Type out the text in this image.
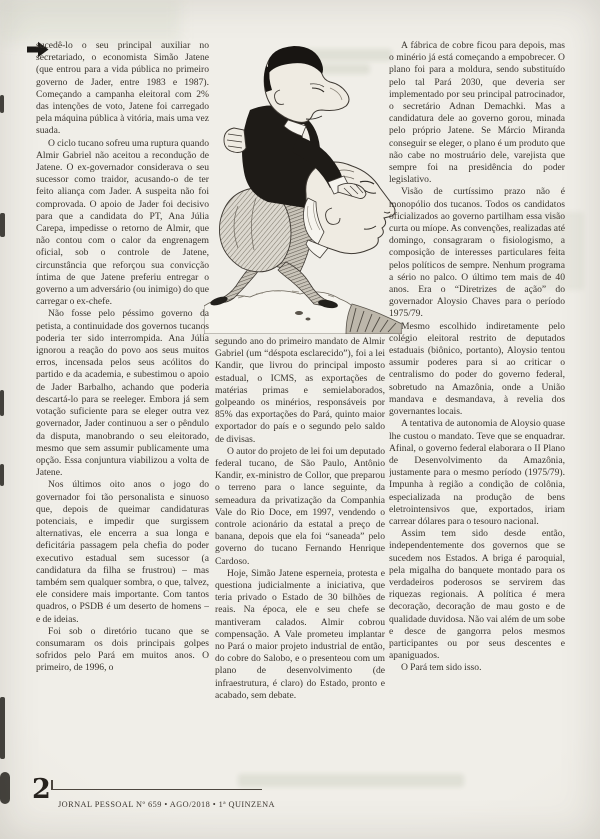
sucedê-lo o seu principal auxiliar no secretariado, o economista Simão Jatene (que entrou para a vida pública no primeiro governo de Jader, entre 1983 e 1987). Começando a campanha eleitoral com 2% das intenções de voto, Jatene foi carregado pela máquina pública à vitória, mais uma vez suada.

O ciclo tucano sofreu uma ruptura quando Almir Gabriel não aceitou a recondução de Jatene. O ex-governador considerava o seu sucessor como traidor, acusando-o de ter feito aliança com Jader. A suspeita não foi comprovada. O apoio de Jader foi decisivo para que a candidata do PT, Ana Júlia Carepa, impedisse o retorno de Almir, que não contou com o calor da engrenagem oficial, sob o controle de Jatene, circunstância que reforçou sua convicção íntima de que Jatene preferiu entregar o governo a um adversário (ou inimigo) do que carregar o ex-chefe.

Não fosse pelo péssimo governo da petista, a continuidade dos governos tucanos poderia ter sido interrompida. Ana Júlia ignorou a reação do povo aos seus muitos erros, incensada pelos seus acólitos do partido e da academia, e subestimou o apoio de Jader Barbalho, achando que poderia descartá-lo para se reeleger. Embora já sem votação suficiente para se eleger outra vez governador, Jader continuou a ser o pêndulo da disputa, manobrando o seu eleitorado, mesmo que sem assumir publicamente uma opção. Essa conjuntura viabilizou a volta de Jatene.

Nos últimos oito anos o jogo do governador foi tão personalista e sinuoso que, depois de queimar candidaturas potenciais, e impedir que surgissem alternativas, ele encerra a sua longa e deficitária passagem pela chefia do poder executivo estadual sem sucessor (a candidatura da filha se frustrou) – mas também sem qualquer sombra, o que, talvez, ele considere mais importante. Com tantos quadros, o PSDB é um deserto de homens – e de ideias.

Foi sob o diretório tucano que se consumaram os dois principais golpes sofridos pelo Pará em muitos anos. O primeiro, de 1996, o

segundo ano do primeiro mandato de Almir Gabriel (um “déspota esclarecido”), foi a lei Kandir, que livrou do principal imposto estadual, o ICMS, as exportações de matérias primas e semielaborados, golpeando os minérios, responsáveis por 85% das exportações do Pará, quinto maior exportador do país e o segundo pelo saldo de divisas.

O autor do projeto de lei foi um deputado federal tucano, de São Paulo, Antônio Kandir, ex-ministro de Collor, que preparou o terreno para o lance seguinte, da semeadura da privatização da Companhia Vale do Rio Doce, em 1997, vendendo o controle acionário da estatal a preço de banana, depois que ela foi “saneada” pelo governo do tucano Fernando Henrique Cardoso.

Hoje, Simão Jatene esperneia, protesta e questiona judicialmente a iniciativa, que teria privado o Estado de 30 bilhões de reais. Na época, ele e seu chefe se mantiveram calados. Almir cobrou compensação. A Vale prometeu implantar no Pará o maior projeto industrial de então, do cobre do Salobo, e o presenteou com um plano de desenvolvimento (de infraestrutura, é claro) do Estado, pronto e acabado, sem debate.

A fábrica de cobre ficou para depois, mas o minério já está começando a empobrecer. O plano foi para a moldura, sendo substituído pelo tal Pará 2030, que deveria ser implementado por seu principal patrocinador, o secretário Adnan Demachki. Mas a candidatura dele ao governo gorou, minada pelo próprio Jatene. Se Márcio Miranda conseguir se eleger, o plano é um produto que não cabe no mostruário dele, varejista que sempre foi na presidência do poder legislativo.

Visão de curtíssimo prazo não é monopólio dos tucanos. Todos os candidatos oficializados ao governo partilham essa visão curta ou míope. As convenções, realizadas até domingo, consagraram o fisiologismo, a composição de interesses particulares feita pelos políticos de sempre. Nenhum programa a sério no palco. O último tem mais de 40 anos. Era o “Diretrizes de ação” do governador Aloysio Chaves para o período 1975/79.

Mesmo escolhido indiretamente pelo colégio eleitoral restrito de deputados estaduais (biônico, portanto), Aloysio tentou assumir poderes para si ao criticar o centralismo do poder do governo federal, sobretudo na Amazônia, onde a União mandava e desmandava, à revelia dos governantes locais.

A tentativa de autonomia de Aloysio quase lhe custou o mandato. Teve que se enquadrar. Afinal, o governo federal elaborara o II Plano de Desenvolvimento da Amazônia, justamente para o mesmo período (1975/79). Impunha à região a condição de colônia, especializada na produção de bens eletrointensivos que, exportados, iriam carrear dólares para o tesouro nacional.

Assim tem sido desde então, independentemente dos governos que se sucedem nos Estados. A briga é paroquial, pela migalha do banquete montado para os verdadeiros poderosos se servirem das riquezas regionais. A política é mera decoração, decoração de mau gosto e de qualidade duvidosa. Não vai além de um sobe e desce de gangorra pelos mesmos participantes ou por seus descentes e apaniguados.

O Pará tem sido isso.

2 JORNAL PESSOAL Nº 659 • AGO/2018 • 1ª QUINZENA
